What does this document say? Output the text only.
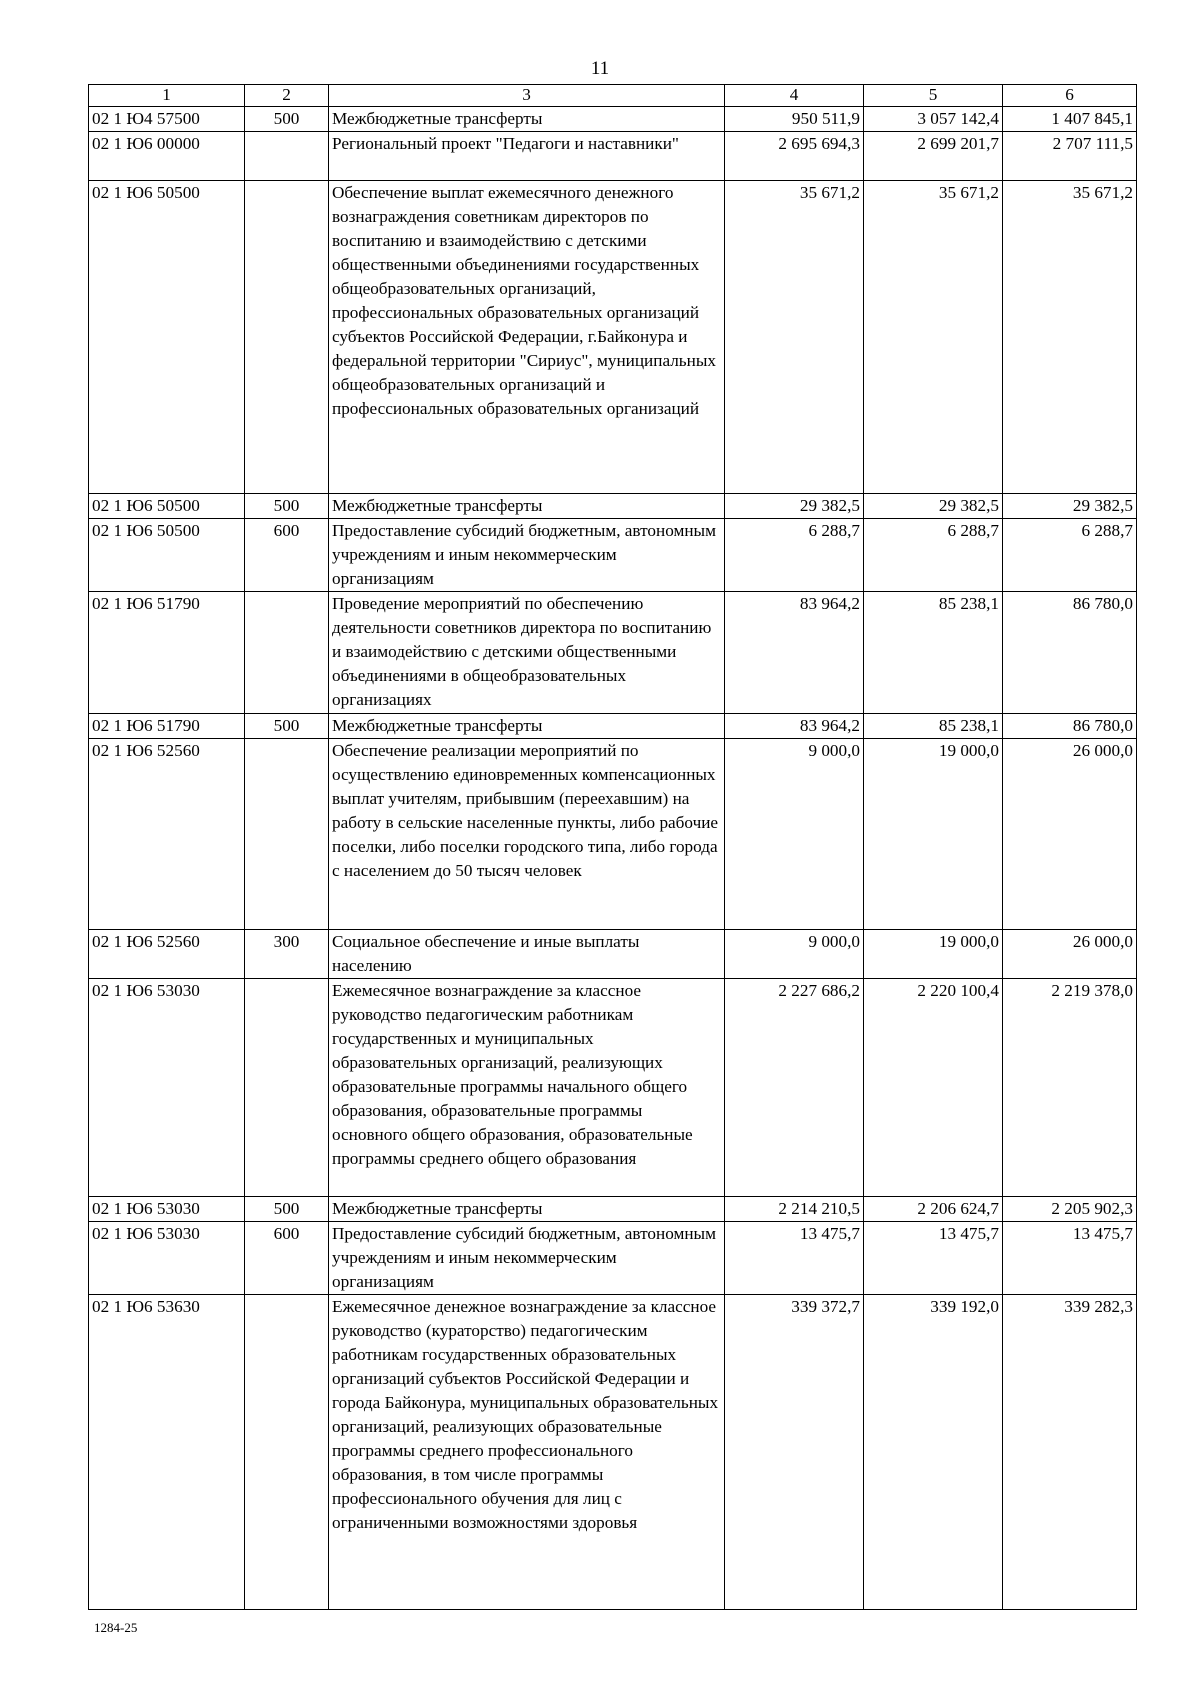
11
1	2	3	4	5	6
02 1 Ю4 57500	500	Межбюджетные трансферты	950 511,9	3 057 142,4	1 407 845,1
02 1 Ю6 00000		Региональный проект "Педагоги и наставники"	2 695 694,3	2 699 201,7	2 707 111,5
02 1 Ю6 50500		Обеспечение выплат ежемесячного денежного вознаграждения советникам директоров по воспитанию и взаимодействию с детскими общественными объединениями государственных общеобразовательных организаций, профессиональных образовательных организаций субъектов Российской Федерации, г.Байконура и федеральной территории "Сириус", муниципальных общеобразовательных организаций и профессиональных образовательных организаций	35 671,2	35 671,2	35 671,2
02 1 Ю6 50500	500	Межбюджетные трансферты	29 382,5	29 382,5	29 382,5
02 1 Ю6 50500	600	Предоставление субсидий бюджетным, автономным учреждениям и иным некоммерческим организациям	6 288,7	6 288,7	6 288,7
02 1 Ю6 51790		Проведение мероприятий по обеспечению деятельности советников директора по воспитанию и взаимодействию с детскими общественными объединениями в общеобразовательных организациях	83 964,2	85 238,1	86 780,0
02 1 Ю6 51790	500	Межбюджетные трансферты	83 964,2	85 238,1	86 780,0
02 1 Ю6 52560		Обеспечение реализации мероприятий по осуществлению единовременных компенсационных выплат учителям, прибывшим (переехавшим) на работу в сельские населенные пункты, либо рабочие поселки, либо поселки городского типа, либо города с населением до 50 тысяч человек	9 000,0	19 000,0	26 000,0
02 1 Ю6 52560	300	Социальное обеспечение и иные выплаты населению	9 000,0	19 000,0	26 000,0
02 1 Ю6 53030		Ежемесячное вознаграждение за классное руководство педагогическим работникам государственных и муниципальных образовательных организаций, реализующих образовательные программы начального общего образования, образовательные программы основного общего образования, образовательные программы среднего общего образования	2 227 686,2	2 220 100,4	2 219 378,0
02 1 Ю6 53030	500	Межбюджетные трансферты	2 214 210,5	2 206 624,7	2 205 902,3
02 1 Ю6 53030	600	Предоставление субсидий бюджетным, автономным учреждениям и иным некоммерческим организациям	13 475,7	13 475,7	13 475,7
02 1 Ю6 53630		Ежемесячное денежное вознаграждение за классное руководство (кураторство) педагогическим работникам государственных образовательных организаций субъектов Российской Федерации и города Байконура, муниципальных образовательных организаций, реализующих образовательные программы среднего профессионального образования, в том числе программы профессионального обучения для лиц с ограниченными возможностями здоровья	339 372,7	339 192,0	339 282,3
1284-25
